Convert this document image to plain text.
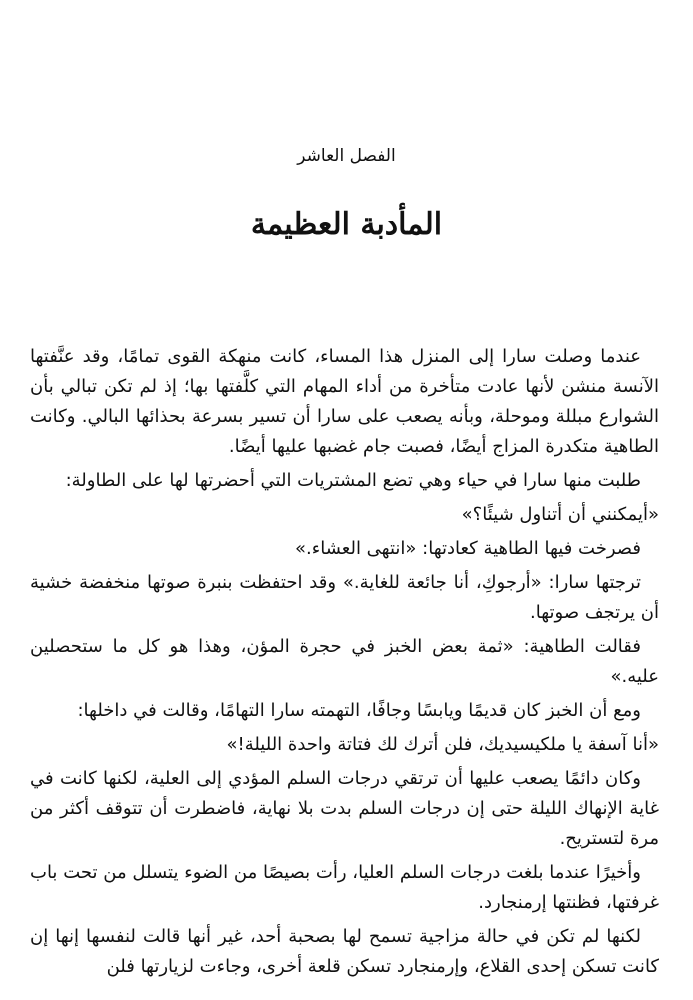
الفصل العاشر
المأدبة العظيمة

عندما وصلت سارا إلى المنزل هذا المساء، كانت منهكة القوى تمامًا، وقد عنَّفتها الآنسة منشن لأنها عادت متأخرة من أداء المهام التي كلَّفتها بها؛ إذ لم تكن تبالي بأن الشوارع مبللة وموحلة، وبأنه يصعب على سارا أن تسير بسرعة بحذائها البالي. وكانت الطاهية متكدرة المزاج أيضًا، فصبت جام غضبها عليها أيضًا.

طلبت منها سارا في حياء وهي تضع المشتريات التي أحضرتها لها على الطاولة:

«أيمكنني أن أتناول شيئًا؟»

فصرخت فيها الطاهية كعادتها: «انتهى العشاء.»

ترجتها سارا: «أرجوكِ، أنا جائعة للغاية.» وقد احتفظت بنبرة صوتها منخفضة خشية أن يرتجف صوتها.

فقالت الطاهية: «ثمة بعض الخبز في حجرة المؤن، وهذا هو كل ما ستحصلين عليه.»

ومع أن الخبز كان قديمًا ويابسًا وجافًا، التهمته سارا التهامًا، وقالت في داخلها:

«أنا آسفة يا ملكيسيديك، فلن أترك لك فتاتة واحدة الليلة!»

وكان دائمًا يصعب عليها أن ترتقي درجات السلم المؤدي إلى العلية، لكنها كانت في غاية الإنهاك الليلة حتى إن درجات السلم بدت بلا نهاية، فاضطرت أن تتوقف أكثر من مرة لتستريح.

وأخيرًا عندما بلغت درجات السلم العليا، رأت بصيصًا من الضوء يتسلل من تحت باب غرفتها، فظنتها إرمنجارد.

لكنها لم تكن في حالة مزاجية تسمح لها بصحبة أحد، غير أنها قالت لنفسها إنها إن كانت تسكن إحدى القلاع، وإرمنجارد تسكن قلعة أخرى، وجاءت لزيارتها فلن
